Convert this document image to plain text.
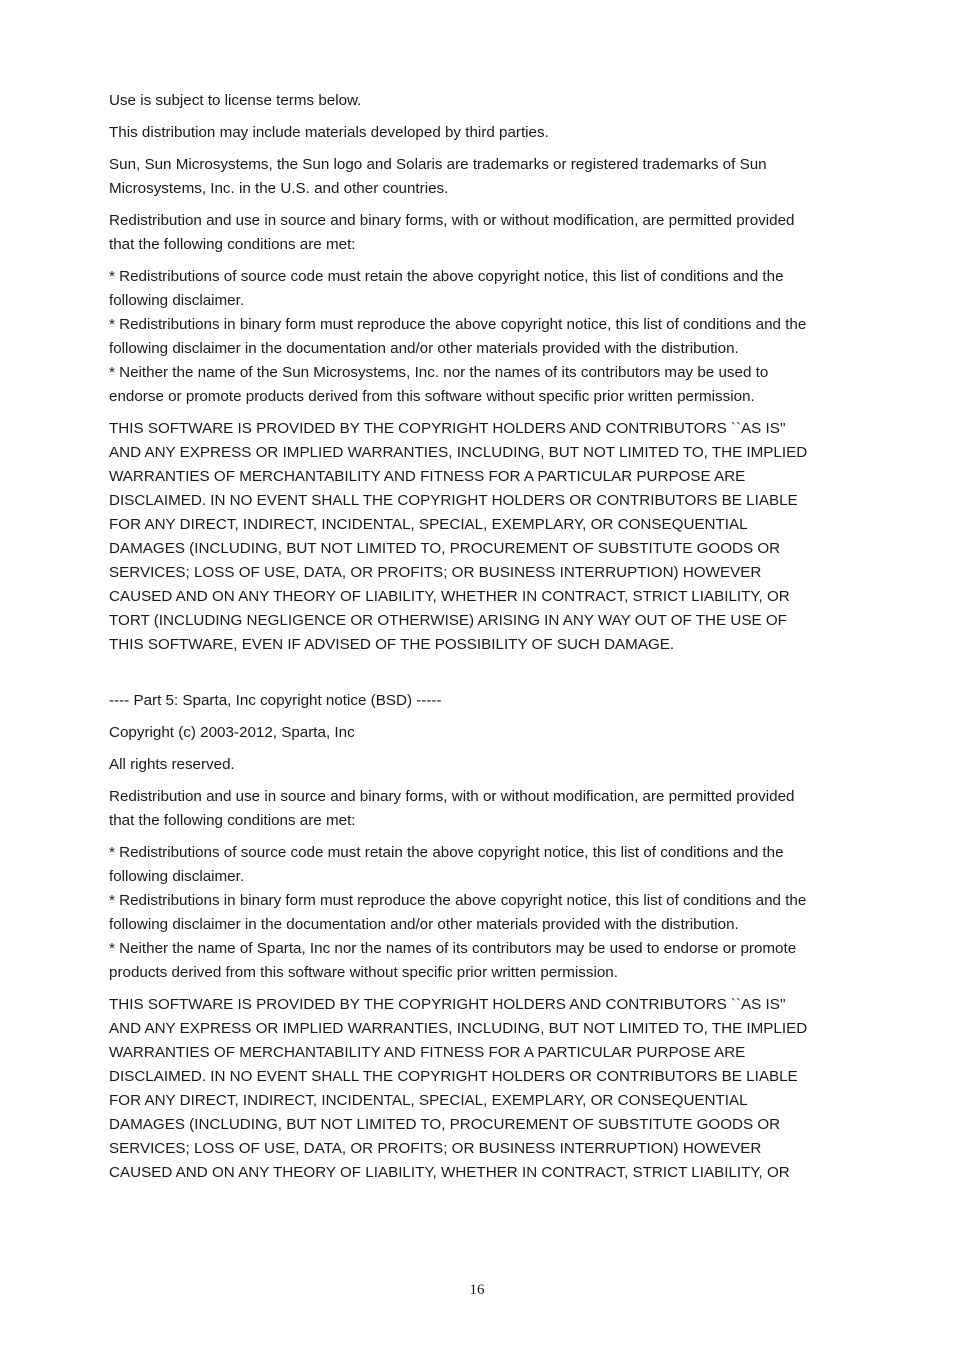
Use is subject to license terms below.

This distribution may include materials developed by third parties.

Sun, Sun Microsystems, the Sun logo and Solaris are trademarks or registered trademarks of Sun
Microsystems, Inc. in the U.S. and other countries.

Redistribution and use in source and binary forms, with or without modification, are permitted provided
that the following conditions are met:

* Redistributions of source code must retain the above copyright notice, this list of conditions and the
following disclaimer.
* Redistributions in binary form must reproduce the above copyright notice, this list of conditions and the
following disclaimer in the documentation and/or other materials provided with the distribution.
* Neither the name of the Sun Microsystems, Inc. nor the names of its contributors may be used to
endorse or promote products derived from this software without specific prior written permission.

THIS SOFTWARE IS PROVIDED BY THE COPYRIGHT HOLDERS AND CONTRIBUTORS ``AS IS''
AND ANY EXPRESS OR IMPLIED WARRANTIES, INCLUDING, BUT NOT LIMITED TO, THE IMPLIED
WARRANTIES OF MERCHANTABILITY AND FITNESS FOR A PARTICULAR PURPOSE ARE
DISCLAIMED. IN NO EVENT SHALL THE COPYRIGHT HOLDERS OR CONTRIBUTORS BE LIABLE
FOR ANY DIRECT, INDIRECT, INCIDENTAL, SPECIAL, EXEMPLARY, OR CONSEQUENTIAL
DAMAGES (INCLUDING, BUT NOT LIMITED TO, PROCUREMENT OF SUBSTITUTE GOODS OR
SERVICES; LOSS OF USE, DATA, OR PROFITS; OR BUSINESS INTERRUPTION) HOWEVER
CAUSED AND ON ANY THEORY OF LIABILITY, WHETHER IN CONTRACT, STRICT LIABILITY, OR
TORT (INCLUDING NEGLIGENCE OR OTHERWISE) ARISING IN ANY WAY OUT OF THE USE OF
THIS SOFTWARE, EVEN IF ADVISED OF THE POSSIBILITY OF SUCH DAMAGE.

---- Part 5: Sparta, Inc copyright notice (BSD) -----

Copyright (c) 2003-2012, Sparta, Inc

All rights reserved.

Redistribution and use in source and binary forms, with or without modification, are permitted provided
that the following conditions are met:

* Redistributions of source code must retain the above copyright notice, this list of conditions and the
following disclaimer.
* Redistributions in binary form must reproduce the above copyright notice, this list of conditions and the
following disclaimer in the documentation and/or other materials provided with the distribution.
* Neither the name of Sparta, Inc nor the names of its contributors may be used to endorse or promote
products derived from this software without specific prior written permission.

THIS SOFTWARE IS PROVIDED BY THE COPYRIGHT HOLDERS AND CONTRIBUTORS ``AS IS''
AND ANY EXPRESS OR IMPLIED WARRANTIES, INCLUDING, BUT NOT LIMITED TO, THE IMPLIED
WARRANTIES OF MERCHANTABILITY AND FITNESS FOR A PARTICULAR PURPOSE ARE
DISCLAIMED. IN NO EVENT SHALL THE COPYRIGHT HOLDERS OR CONTRIBUTORS BE LIABLE
FOR ANY DIRECT, INDIRECT, INCIDENTAL, SPECIAL, EXEMPLARY, OR CONSEQUENTIAL
DAMAGES (INCLUDING, BUT NOT LIMITED TO, PROCUREMENT OF SUBSTITUTE GOODS OR
SERVICES; LOSS OF USE, DATA, OR PROFITS; OR BUSINESS INTERRUPTION) HOWEVER
CAUSED AND ON ANY THEORY OF LIABILITY, WHETHER IN CONTRACT, STRICT LIABILITY, OR

16
